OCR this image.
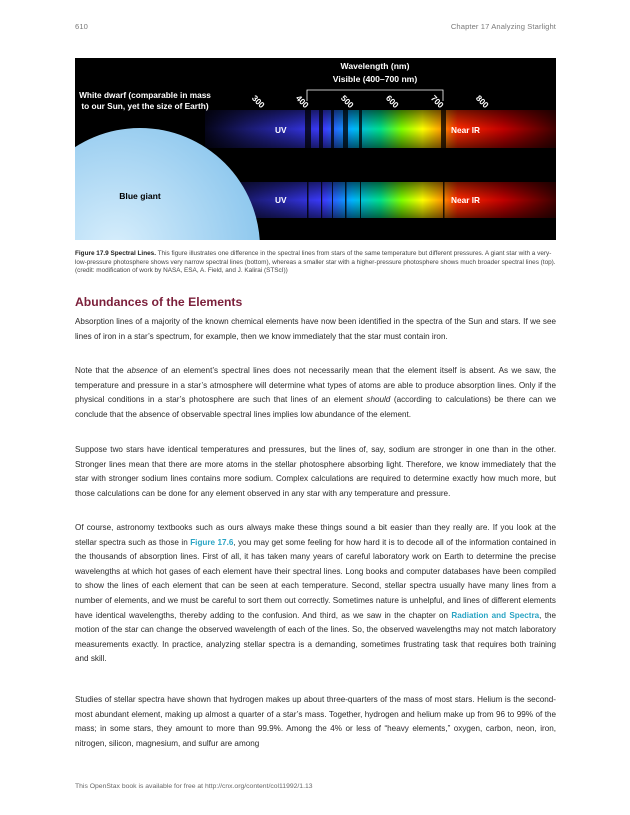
610	Chapter 17 Analyzing Starlight
Wavelength (nm)
Visible (400–700 nm)
White dwarf (comparable in mass to our Sun, yet the size of Earth)
Blue giant
300	400	500	600	700	800
UV	Near IR
UV	Near IR
Figure 17.9 Spectral Lines. This figure illustrates one difference in the spectral lines from stars of the same temperature but different pressures. A giant star with a very-low-pressure photosphere shows very narrow spectral lines (bottom), whereas a smaller star with a higher-pressure photosphere shows much broader spectral lines (top). (credit: modification of work by NASA, ESA, A. Field, and J. Kalirai (STScI))
Abundances of the Elements
Absorption lines of a majority of the known chemical elements have now been identified in the spectra of the Sun and stars. If we see lines of iron in a star’s spectrum, for example, then we know immediately that the star must contain iron.
Note that the absence of an element’s spectral lines does not necessarily mean that the element itself is absent. As we saw, the temperature and pressure in a star’s atmosphere will determine what types of atoms are able to produce absorption lines. Only if the physical conditions in a star’s photosphere are such that lines of an element should (according to calculations) be there can we conclude that the absence of observable spectral lines implies low abundance of the element.
Suppose two stars have identical temperatures and pressures, but the lines of, say, sodium are stronger in one than in the other. Stronger lines mean that there are more atoms in the stellar photosphere absorbing light. Therefore, we know immediately that the star with stronger sodium lines contains more sodium. Complex calculations are required to determine exactly how much more, but those calculations can be done for any element observed in any star with any temperature and pressure.
Of course, astronomy textbooks such as ours always make these things sound a bit easier than they really are. If you look at the stellar spectra such as those in Figure 17.6, you may get some feeling for how hard it is to decode all of the information contained in the thousands of absorption lines. First of all, it has taken many years of careful laboratory work on Earth to determine the precise wavelengths at which hot gases of each element have their spectral lines. Long books and computer databases have been compiled to show the lines of each element that can be seen at each temperature. Second, stellar spectra usually have many lines from a number of elements, and we must be careful to sort them out correctly. Sometimes nature is unhelpful, and lines of different elements have identical wavelengths, thereby adding to the confusion. And third, as we saw in the chapter on Radiation and Spectra, the motion of the star can change the observed wavelength of each of the lines. So, the observed wavelengths may not match laboratory measurements exactly. In practice, analyzing stellar spectra is a demanding, sometimes frustrating task that requires both training and skill.
Studies of stellar spectra have shown that hydrogen makes up about three-quarters of the mass of most stars. Helium is the second-most abundant element, making up almost a quarter of a star’s mass. Together, hydrogen and helium make up from 96 to 99% of the mass; in some stars, they amount to more than 99.9%. Among the 4% or less of “heavy elements,” oxygen, carbon, neon, iron, nitrogen, silicon, magnesium, and sulfur are among
This OpenStax book is available for free at http://cnx.org/content/col11992/1.13
